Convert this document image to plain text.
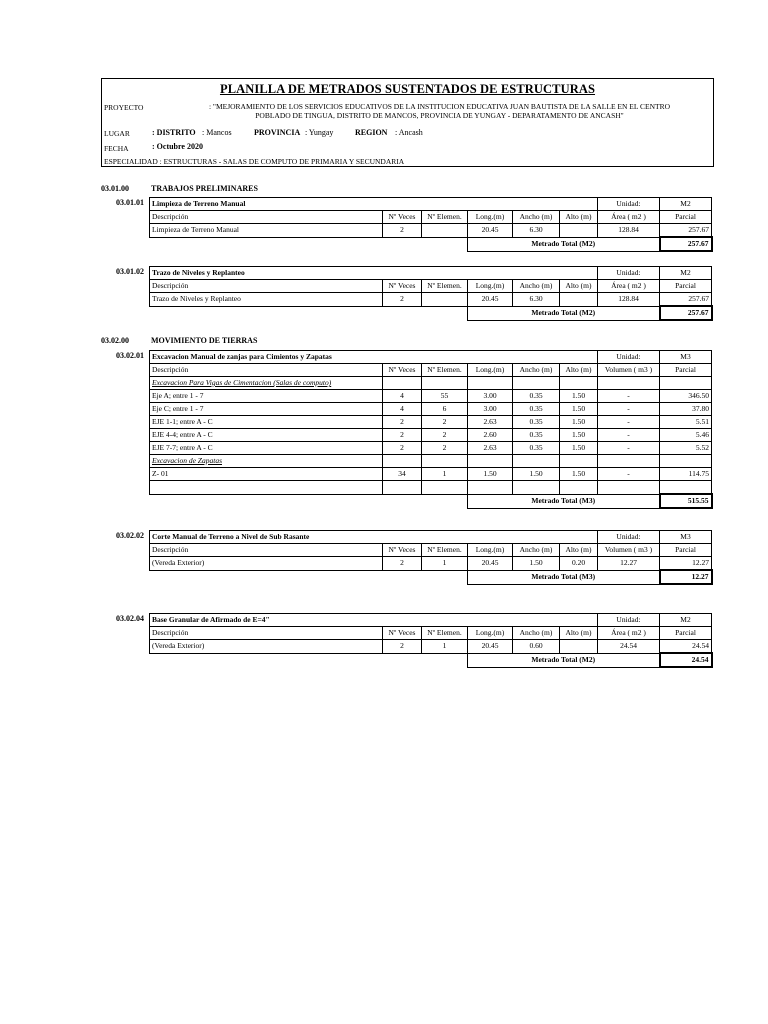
PLANILLA DE METRADOS SUSTENTADOS DE ESTRUCTURAS
PROYECTO	: "MEJORAMIENTO DE LOS SERVICIOS EDUCATIVOS DE LA INSTITUCION EDUCATIVA JUAN BAUTISTA DE LA SALLE EN EL CENTRO
POBLADO DE TINGUA, DISTRITO DE MANCOS, PROVINCIA DE YUNGAY - DEPARATAMENTO DE ANCASH"
LUGAR	: DISTRITO : Mancos	PROVINCIA : Yungay	REGION : Ancash
FECHA	: Octubre 2020
ESPECIALIDAD : ESTRUCTURAS - SALAS DE COMPUTO DE PRIMARIA Y SECUNDARIA
03.01.00	TRABAJOS PRELIMINARES
03.01.01 Limpieza de Terreno Manual						Unidad:	M2
Descripción	Nº Veces	Nº Elemen.	Long.(m)	Ancho (m)	Alto (m)	Área ( m2 )	Parcial
Limpieza de Terreno Manual	2		20.45	6.30		128.84	257.67
			Metrado Total (M2)				257.67
03.01.02 Trazo de Niveles y Replanteo						Unidad:	M2
Descripción	Nº Veces	Nº Elemen.	Long.(m)	Ancho (m)	Alto (m)	Área ( m2 )	Parcial
Trazo de Niveles y Replanteo	2		20.45	6.30		128.84	257.67
			Metrado Total (M2)				257.67
03.02.00	MOVIMIENTO DE TIERRAS
03.02.01 Excavacion Manual de zanjas para Cimientos y Zapatas						Unidad:	M3
Descripción	Nº Veces	Nº Elemen.	Long.(m)	Ancho (m)	Alto (m)	Volumen ( m3 )	Parcial
Excavacion Para Vigas de Cimentacion (Salas de computo)							
Eje A; entre 1 - 7	4	55	3.00	0.35	1.50	-	346.50
Eje C; entre 1 - 7	4	6	3.00	0.35	1.50	-	37.80
EJE 1-1; entre A - C	2	2	2.63	0.35	1.50	-	5.51
EJE 4-4; entre A - C	2	2	2.60	0.35	1.50	-	5.46
EJE 7-7; entre A - C	2	2	2.63	0.35	1.50	-	5.52
Excavacion de Zapatas							
Z- 01	34	1	1.50	1.50	1.50	-	114.75

			Metrado Total (M3)				515.55
03.02.02 Corte Manual de Terreno a Nivel de Sub Rasante						Unidad:	M3
Descripción	Nº Veces	Nº Elemen.	Long.(m)	Ancho (m)	Alto (m)	Volumen ( m3 )	Parcial
(Vereda Exterior)	2	1	20.45	1.50	0.20	12.27	12.27
			Metrado Total (M3)				12.27
03.02.04 Base Granular de Afirmado de E=4"						Unidad:	M2
Descripción	Nº Veces	Nº Elemen.	Long.(m)	Ancho (m)	Alto (m)	Área ( m2 )	Parcial
(Vereda Exterior)	2	1	20.45	0.60		24.54	24.54
			Metrado Total (M2)				24.54
